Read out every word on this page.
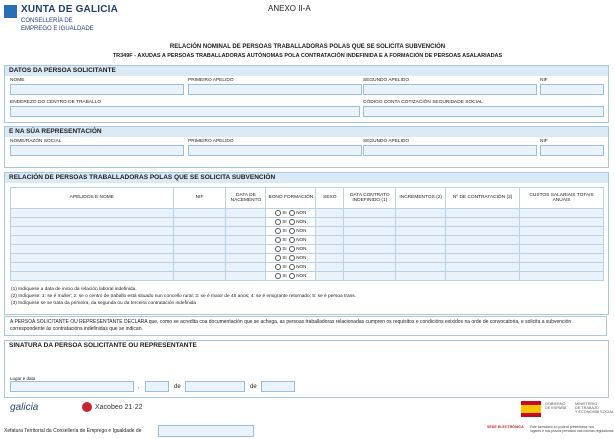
XUNTA DE GALICIA
CONSELLERÍA DE
EMPREGO E IGUALDADE
ANEXO II-A
RELACIÓN NOMINAL DE PERSOAS TRABALLADORAS POLAS QUE SE SOLICITA SUBVENCIÓN
TR349F - AXUDAS A PERSOAS TRABALLADORAS AUTÓNOMAS POLA CONTRATACIÓN INDEFINIDA E A FORMACIÓN DE PERSOAS ASALARIADAS
DATOS DA PERSOA SOLICITANTE
NOME	PRIMEIRO APELIDO	SEGUNDO APELIDO	NIF
ENDEREZO DO CENTRO DE TRABALLO	CÓDIGO CONTA COTIZACIÓN SEGURIDADE SOCIAL
E NA SÚA REPRESENTACIÓN
NOME/RAZÓN SOCIAL	PRIMEIRO APELIDO	SEGUNDO APELIDO	NIF
RELACIÓN DE PERSOAS TRABALLADORAS POLAS QUE SE SOLICITA SUBVENCIÓN
APELIDOS E NOME	NIF	DATA DE NACEMENTO	BONO FORMACIÓN	SEXO	DATA CONTRATO INDEFINIDO (1)	INCREMENTOS (2)	Nº DE CONTRATACIÓN (3)	CUSTOS SALARIAIS TOTAIS ANUAIS
			SI NON					
			SI NON					
			SI NON					
			SI NON					
			SI NON					
			SI NON					
			SI NON					
			SI NON					
(1) Indíquese a data de inicio da relación laboral indefinida.
(2) Indíquese: 1: se é muller; 2: se o centro de traballo está situado nun concello rural; 3: se é maior de 45 anos; 4: se é emigrante retornado; 5: se é persoa trans.
(3) Indíquese se se trata da primeira, da segunda ou da terceira contratación indefinida
A PERSOA SOLICITANTE OU REPRESENTANTE DECLARA que, como se acredita coa documentación que se achega, as persoas traballadoras relacionadas cumpren os requisitos e condicións exixidos na orde de convocatoria, e solicita a subvención correspondente ás contratacións indefinidas que se indican.
SINATURA DA PERSOA SOLICITANTE OU REPRESENTANTE
Lugar e data
,	de	de
galicia	Xacobeo 21·22	GOBIERNO
DE ESPAÑA
MINISTERIO
DE TRABAJO
Y ECONOMÍA SOCIAL
Xefatura Territorial da Consellería de Emprego e Igualdade de
SEDE ELECTRÓNICA Este formulario só poderá presentarse nos
lugares e nos prazos previstos nas normas reguladoras
